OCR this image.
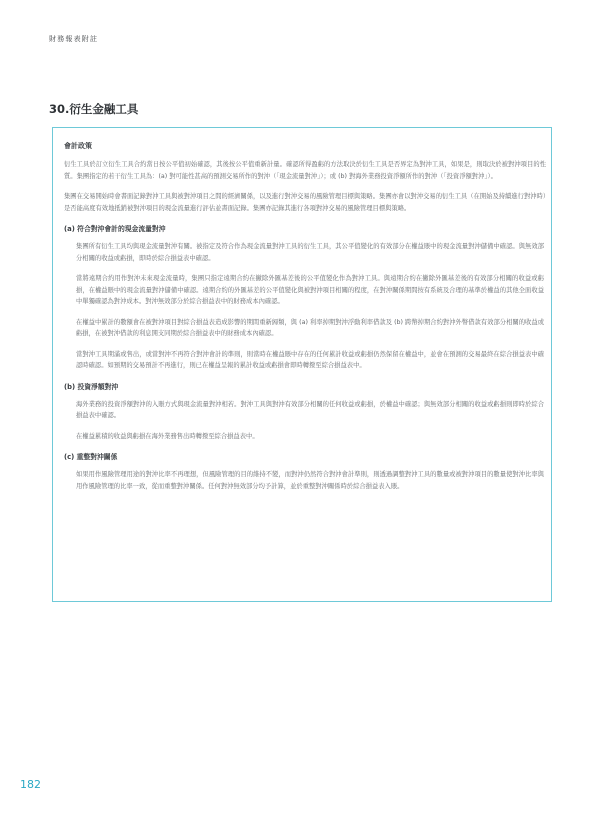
財務報表附註
30.衍生金融工具
會計政策

衍生工具於訂立衍生工具合約當日按公平值初始確認，其後按公平值重新計量。確認所得盈虧的方法取決於衍生工具是否界定為對沖工具，如果是，則取決於被對沖項目的性質。集團指定的若干衍生工具為：(a) 對可能性甚高的預測交易所作的對沖（「現金流量對沖」）；或 (b) 對海外業務投資淨額所作的對沖（「投資淨額對沖」）。

集團在交易開始時會書面記錄對沖工具與被對沖項目之間的經濟關係，以及進行對沖交易的風險管理目標與策略。集團亦會以對沖交易的衍生工具（在開始及持續進行對沖時）是否能高度有效地抵銷被對沖項目的現金流量進行評估並書面記錄。集團亦記錄其進行各項對沖交易的風險管理目標與策略。

(a) 符合對沖會計的現金流量對沖

集團所有衍生工具均與現金流量對沖有關。被指定及符合作為現金流量對沖工具的衍生工具，其公平值變化的有效部分在權益賬中的現金流量對沖儲備中確認。與無效部分相關的收益或虧損，即時於綜合損益表中確認。

當將遠期合約用作對沖未來現金流量時，集團只指定遠期合約在撇除外匯基差後的公平值變化作為對沖工具。與遠期合約在撇除外匯基差後的有效部分相關的收益或虧損，在權益賬中的現金流量對沖儲備中確認。遠期合約的外匯基差的公平值變化與被對沖項目相關的程度，在對沖關係期間按有系統及合理的基準於權益的其他全面收益中單獨確認為對沖成本。對沖無效部分於綜合損益表中的財務成本內確認。

在權益中累計的數額會在被對沖項目對綜合損益表造成影響的期間重新歸類，與 (a) 利率掉期對沖浮動利率借款及 (b) 跨幣掉期合約對沖外幣借款有效部分相關的收益或虧損，在被對沖借款的利息開支同期於綜合損益表中的財務成本內確認。

當對沖工具期滿或售出，或當對沖不再符合對沖會計的準則，則當時在權益賬中存在的任何累計收益或虧損仍然保留在權益中，並會在預測的交易最終在綜合損益表中確認時確認。如預期的交易預計不再進行，則已在權益呈報的累計收益或虧損會即時轉撥至綜合損益表中。

(b) 投資淨額對沖

海外業務的投資淨額對沖的入賬方式與現金流量對沖相若。對沖工具與對沖有效部分相關的任何收益或虧損，於權益中確認；與無效部分相關的收益或虧損則即時於綜合損益表中確認。

在權益累積的收益與虧損在海外業務售出時轉撥至綜合損益表中。

(c) 重整對沖關係

如果用作風險管理用途的對沖比率不再理想，但風險管理的目的維持不變，而對沖仍然符合對沖會計準則，則透過調整對沖工具的數量或被對沖項目的數量使對沖比率與用作風險管理的比率一致，從而重整對沖關係。任何對沖無效部分均予計算，並於重整對沖關係時於綜合損益表入賬。

182
